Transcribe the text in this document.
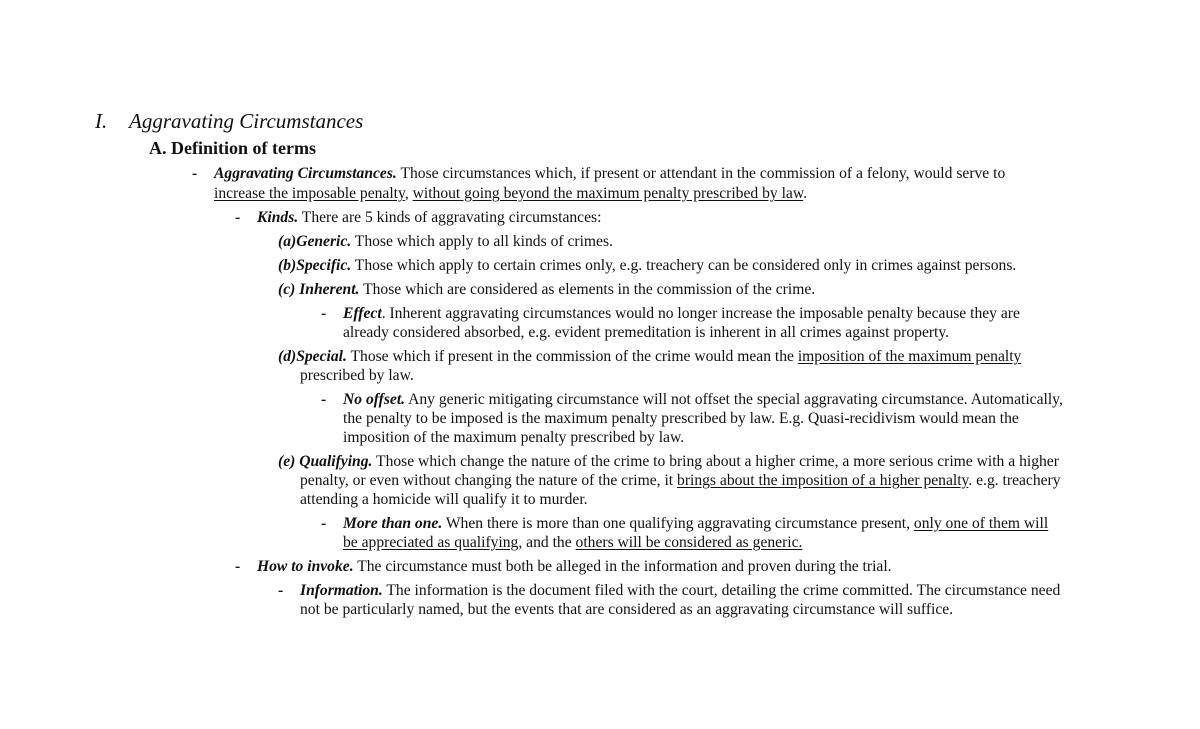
I. Aggravating Circumstances
A. Definition of terms
- Aggravating Circumstances. Those circumstances which, if present or attendant in the commission of a felony, would serve to
increase the imposable penalty, without going beyond the maximum penalty prescribed by law.
- Kinds. There are 5 kinds of aggravating circumstances:
(a)Generic. Those which apply to all kinds of crimes.
(b)Specific. Those which apply to certain crimes only, e.g. treachery can be considered only in crimes against persons.
(c) Inherent. Those which are considered as elements in the commission of the crime.
- Effect. Inherent aggravating circumstances would no longer increase the imposable penalty because they are
already considered absorbed, e.g. evident premeditation is inherent in all crimes against property.
(d)Special. Those which if present in the commission of the crime would mean the imposition of the maximum penalty
prescribed by law.
- No offset. Any generic mitigating circumstance will not offset the special aggravating circumstance. Automatically,
the penalty to be imposed is the maximum penalty prescribed by law. E.g. Quasi-recidivism would mean the
imposition of the maximum penalty prescribed by law.
(e) Qualifying. Those which change the nature of the crime to bring about a higher crime, a more serious crime with a higher
penalty, or even without changing the nature of the crime, it brings about the imposition of a higher penalty. e.g. treachery
attending a homicide will qualify it to murder.
- More than one. When there is more than one qualifying aggravating circumstance present, only one of them will
be appreciated as qualifying, and the others will be considered as generic.
- How to invoke. The circumstance must both be alleged in the information and proven during the trial.
- Information. The information is the document filed with the court, detailing the crime committed. The circumstance need
not be particularly named, but the events that are considered as an aggravating circumstance will suffice.
